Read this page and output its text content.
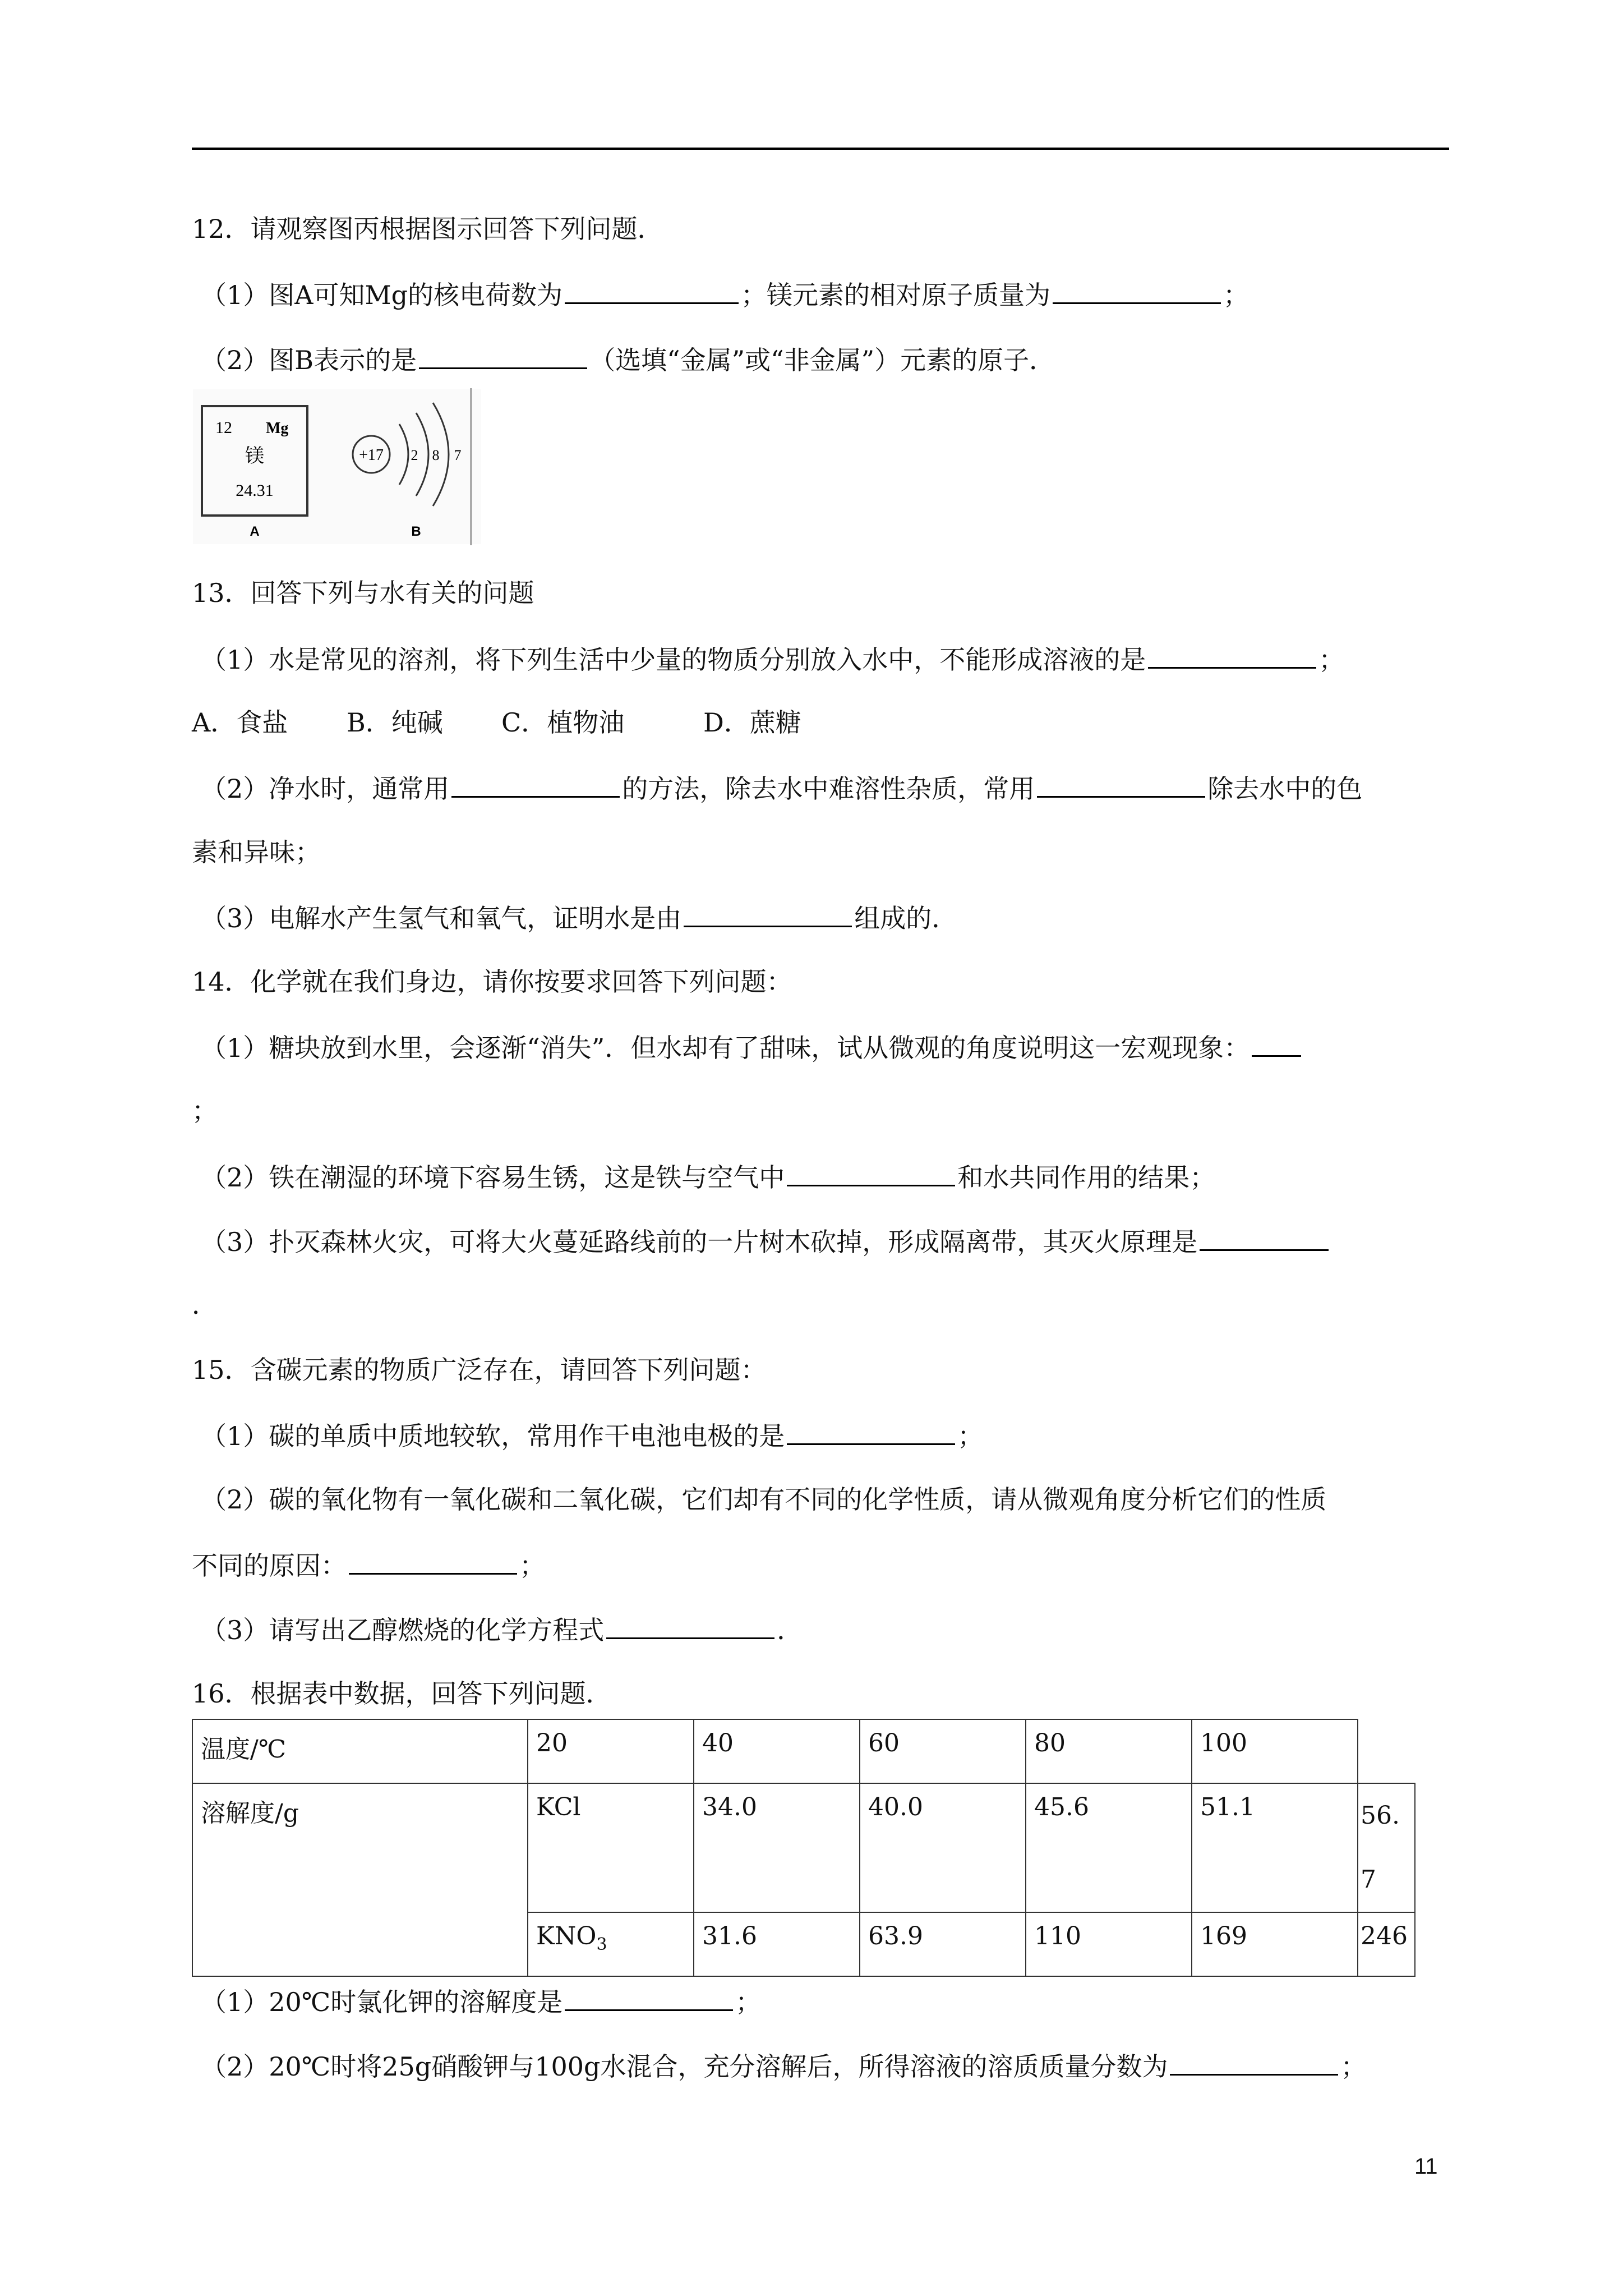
12．请观察图丙根据图示回答下列问题．
（1）图A可知Mg的核电荷数为	；镁元素的相对原子质量为	；
（2）图B表示的是	（选填“金属”或“非金属”）元素的原子．
12 Mg
镁
24.31
A
+17 2 8 7
B
13．回答下列与水有关的问题
（1）水是常见的溶剂，将下列生活中少量的物质分别放入水中，不能形成溶液的是	；
A．食盐 B．纯碱 C．植物油	D．蔗糖
（2）净水时，通常用	的方法，除去水中难溶性杂质，常用	除去水中的色
素和异味；
（3）电解水产生氢气和氧气，证明水是由	组成的．
14．化学就在我们身边，请你按要求回答下列问题：
（1）糖块放到水里，会逐渐“消失”．但水却有了甜味，试从微观的角度说明这一宏观现象：
；
（2）铁在潮湿的环境下容易生锈，这是铁与空气中	和水共同作用的结果；
（3）扑灭森林火灾，可将大火蔓延路线前的一片树木砍掉，形成隔离带，其灭火原理是
．
15．含碳元素的物质广泛存在，请回答下列问题：
（1）碳的单质中质地较软，常用作干电池电极的是	；
（2）碳的氧化物有一氧化碳和二氧化碳，它们却有不同的化学性质，请从微观角度分析它们的性质
不同的原因：	；
（3）请写出乙醇燃烧的化学方程式	．
16．根据表中数据，回答下列问题．
温度/℃	20	40	60	80	100	
溶解度/g	KCl	34.0	40.0	45.6	51.1	56.
7
	$KNO_3$	31.6	63.9	110	169	246
（1）20℃时氯化钾的溶解度是	；
（2）20℃时将25g硝酸钾与100g水混合，充分溶解后，所得溶液的溶质质量分数为	；
11
